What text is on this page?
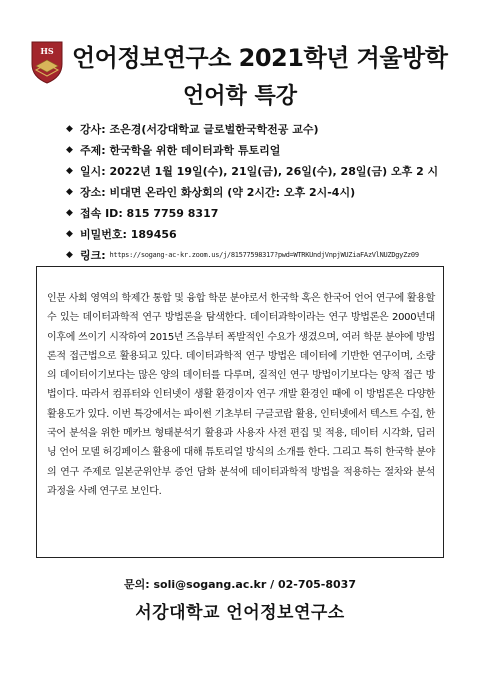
HS 언어정보연구소 2021학년 겨울방학
언어학 특강
◆ 강사 : 조은경(서강대학교 글로벌한국학전공 교수)
◆ 주제 : 한국학을 위한 데이터과학 튜토리얼
◆ 일시 : 2022년 1월 19일(수), 21일(금), 26일(수), 28일(금) 오후 2 시
◆ 장소 : 비대면 온라인 화상회의 (약 2시간: 오후 2시-4시)
◆ 접속 ID : 815 7759 8317
◆ 비밀번호 : 189456
◆ 링크 : https://sogang-ac-kr.zoom.us/j/81577598317?pwd=WTRKUndjVnpjWUZiaFAzVlNUZDgyZz09

인문 사회 영역의 학제간 통합 및 융합 학문 분야로서 한국학 혹은 한국어 언어 연구에 활용할 수 있는 데이터과학적 연구 방법론을 탐색한다. 데이터과학이라는 연구 방법론은 2000년대 이후에 쓰이기 시작하여 2015년 즈음부터 폭발적인 수요가 생겼으며, 여러 학문 분야에 방법론적 접근법으로 활용되고 있다. 데이터과학적 연구 방법은 데이터에 기반한 연구이며, 소량의 데이터이기보다는 많은 양의 데이터를 다루며, 질적인 연구 방법이기보다는 양적 접근 방법이다. 따라서 컴퓨터와 인터넷이 생활 환경이자 연구 개발 환경인 때에 이 방법론은 다양한 활용도가 있다. 이번 특강에서는 파이썬 기초부터 구글코랍 활용, 인터넷에서 텍스트 수집, 한국어 분석을 위한 메카브 형태분석기 활용과 사용자 사전 편집 및 적용, 데이터 시각화, 딥러닝 언어 모델 허깅페이스 활용에 대해 튜토리얼 방식의 소개를 한다. 그리고 특히 한국학 분야의 연구 주제로 일본군위안부 증언 담화 분석에 데이터과학적 방법을 적용하는 절차와 분석 과정을 사례 연구로 보인다.

문의: soli@sogang.ac.kr / 02-705-8037
서강대학교 언어정보연구소
